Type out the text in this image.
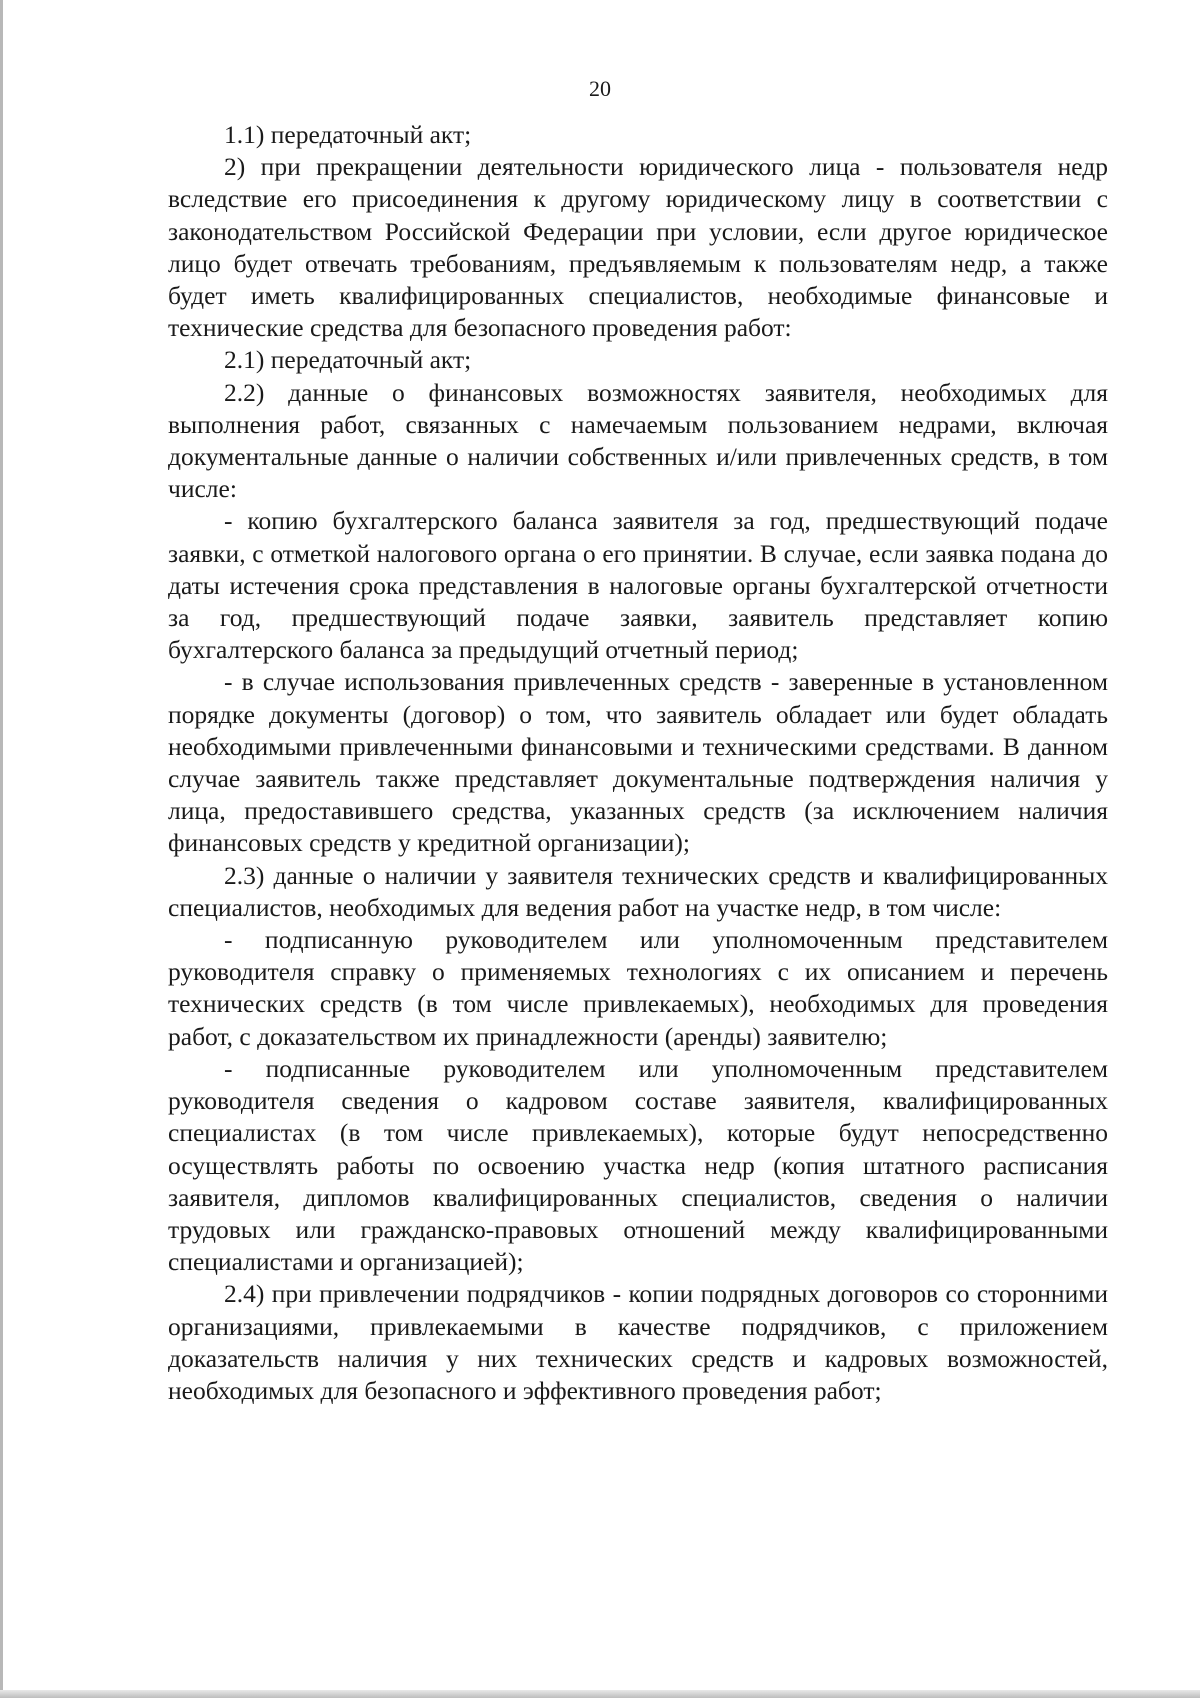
20

1.1) передаточный акт;

2) при прекращении деятельности юридического лица - пользователя недр вследствие его присоединения к другому юридическому лицу в соответствии с законодательством Российской Федерации при условии, если другое юридическое лицо будет отвечать требованиям, предъявляемым к пользователям недр, а также будет иметь квалифицированных специалистов, необходимые финансовые и технические средства для безопасного проведения работ:

2.1) передаточный акт;

2.2) данные о финансовых возможностях заявителя, необходимых для выполнения работ, связанных с намечаемым пользованием недрами, включая документальные данные о наличии собственных и/или привлеченных средств, в том числе:

- копию бухгалтерского баланса заявителя за год, предшествующий подаче заявки, с отметкой налогового органа о его принятии. В случае, если заявка подана до даты истечения срока представления в налоговые органы бухгалтерской отчетности за год, предшествующий подаче заявки, заявитель представляет копию бухгалтерского баланса за предыдущий отчетный период;

- в случае использования привлеченных средств - заверенные в установленном порядке документы (договор) о том, что заявитель обладает или будет обладать необходимыми привлеченными финансовыми и техническими средствами. В данном случае заявитель также представляет документальные подтверждения наличия у лица, предоставившего средства, указанных средств (за исключением наличия финансовых средств у кредитной организации);

2.3) данные о наличии у заявителя технических средств и квалифицированных специалистов, необходимых для ведения работ на участке недр, в том числе:

- подписанную руководителем или уполномоченным представителем руководителя справку о применяемых технологиях с их описанием и перечень технических средств (в том числе привлекаемых), необходимых для проведения работ, с доказательством их принадлежности (аренды) заявителю;

- подписанные руководителем или уполномоченным представителем руководителя сведения о кадровом составе заявителя, квалифицированных специалистах (в том числе привлекаемых), которые будут непосредственно осуществлять работы по освоению участка недр (копия штатного расписания заявителя, дипломов квалифицированных специалистов, сведения о наличии трудовых или гражданско-правовых отношений между квалифицированными специалистами и организацией);

2.4) при привлечении подрядчиков - копии подрядных договоров со сторонними организациями, привлекаемыми в качестве подрядчиков, с приложением доказательств наличия у них технических средств и кадровых возможностей, необходимых для безопасного и эффективного проведения работ;
